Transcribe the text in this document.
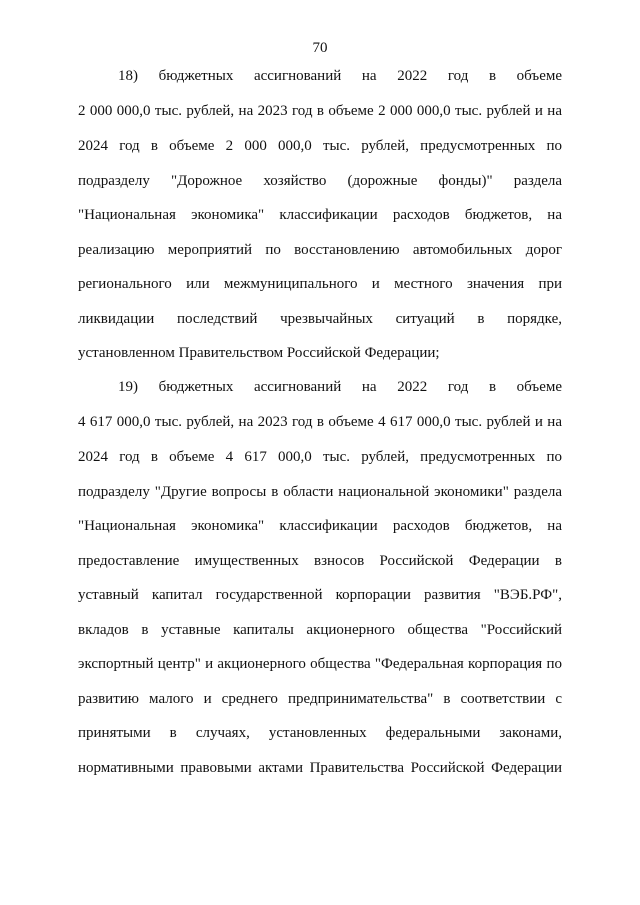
70
18) бюджетных ассигнований на 2022 год в объеме
2 000 000,0 тыс. рублей, на 2023 год в объеме 2 000 000,0 тыс. рублей и на
2024 год в объеме 2 000 000,0 тыс. рублей, предусмотренных по
подразделу "Дорожное хозяйство (дорожные фонды)" раздела
"Национальная экономика" классификации расходов бюджетов, на
реализацию мероприятий по восстановлению автомобильных дорог
регионального или межмуниципального и местного значения при
ликвидации последствий чрезвычайных ситуаций в порядке,
установленном Правительством Российской Федерации;
19) бюджетных ассигнований на 2022 год в объеме
4 617 000,0 тыс. рублей, на 2023 год в объеме 4 617 000,0 тыс. рублей и на
2024 год в объеме 4 617 000,0 тыс. рублей, предусмотренных по
подразделу "Другие вопросы в области национальной экономики" раздела
"Национальная экономика" классификации расходов бюджетов, на
предоставление имущественных взносов Российской Федерации в
уставный капитал государственной корпорации развития "ВЭБ.РФ",
вкладов в уставные капиталы акционерного общества "Российский
экспортный центр" и акционерного общества "Федеральная корпорация по
развитию малого и среднего предпринимательства" в соответствии с
принятыми в случаях, установленных федеральными законами,
нормативными правовыми актами Правительства Российской Федерации
